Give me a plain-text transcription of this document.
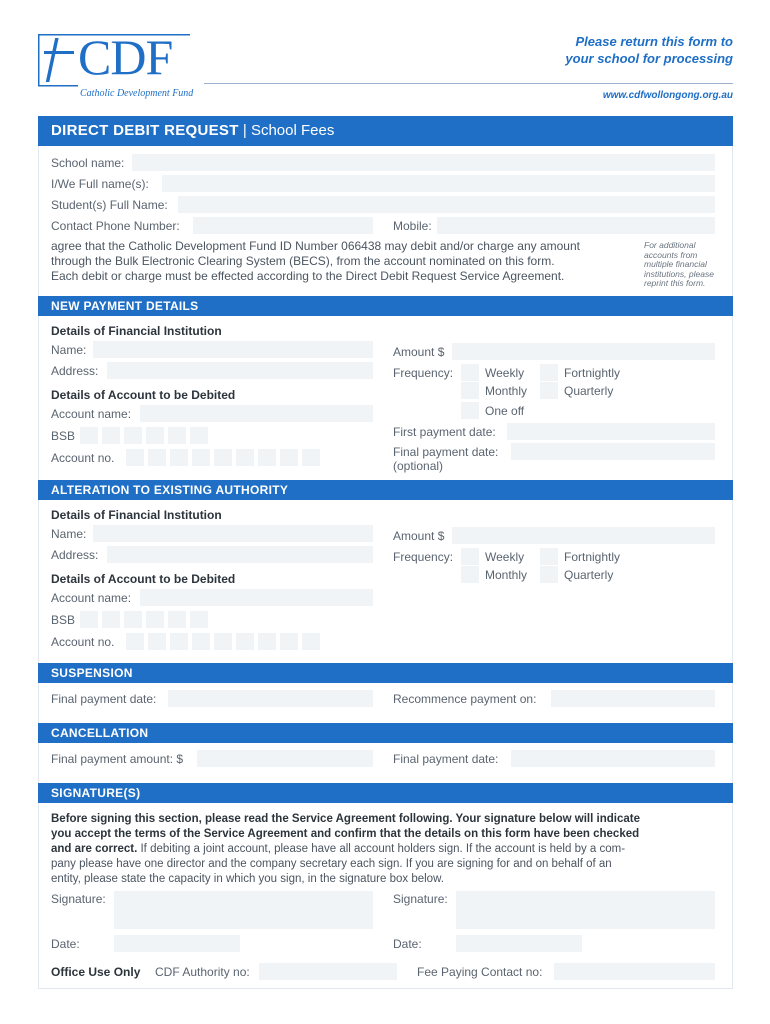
CDF
Catholic Development Fund
Please return this form to
your school for processing
www.cdfwollongong.org.au
DIRECT DEBIT REQUEST | School Fees
School name:
I/We Full name(s):
Student(s) Full Name:
Contact Phone Number:	Mobile:
agree that the Catholic Development Fund ID Number 066438 may debit and/or charge any amount
through the Bulk Electronic Clearing System (BECS), from the account nominated on this form.
Each debit or charge must be effected according to the Direct Debit Request Service Agreement.
For additional accounts from multiple financial institutions, please reprint this form.
NEW PAYMENT DETAILS
Details of Financial Institution
Name:
Address:
Details of Account to be Debited
Account name:
BSB
Account no.
Amount $
Frequency:	Weekly	Fortnightly
Monthly	Quarterly
One off
First payment date:
Final payment date:
(optional)
ALTERATION TO EXISTING AUTHORITY
Details of Financial Institution
Name:
Address:
Details of Account to be Debited
Account name:
BSB
Account no.
Amount $
Frequency:	Weekly	Fortnightly
Monthly	Quarterly
SUSPENSION
Final payment date:	Recommence payment on:
CANCELLATION
Final payment amount: $	Final payment date:
SIGNATURE(S)
Before signing this section, please read the Service Agreement following. Your signature below will indicate
you accept the terms of the Service Agreement and confirm that the details on this form have been checked
and are correct. If debiting a joint account, please have all account holders sign. If the account is held by a com-
pany please have one director and the company secretary each sign. If you are signing for and on behalf of an
entity, please state the capacity in which you sign, in the signature box below.
Signature:	Signature:
Date:	Date:
Office Use Only CDF Authority no:	Fee Paying Contact no:
